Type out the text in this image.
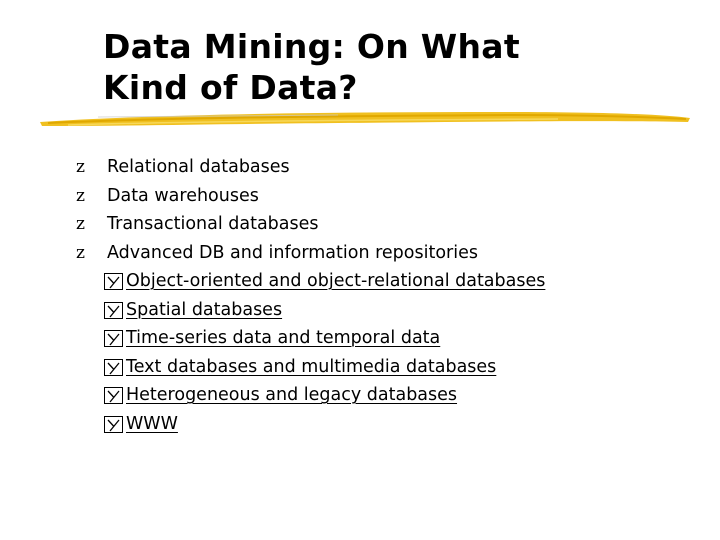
Data Mining: On What
Kind of Data?
z Relational databases
z Data warehouses
z Transactional databases
z Advanced DB and information repositories
Object-oriented and object-relational databases
Spatial databases
Time-series data and temporal data
Text databases and multimedia databases
Heterogeneous and legacy databases
WWW
